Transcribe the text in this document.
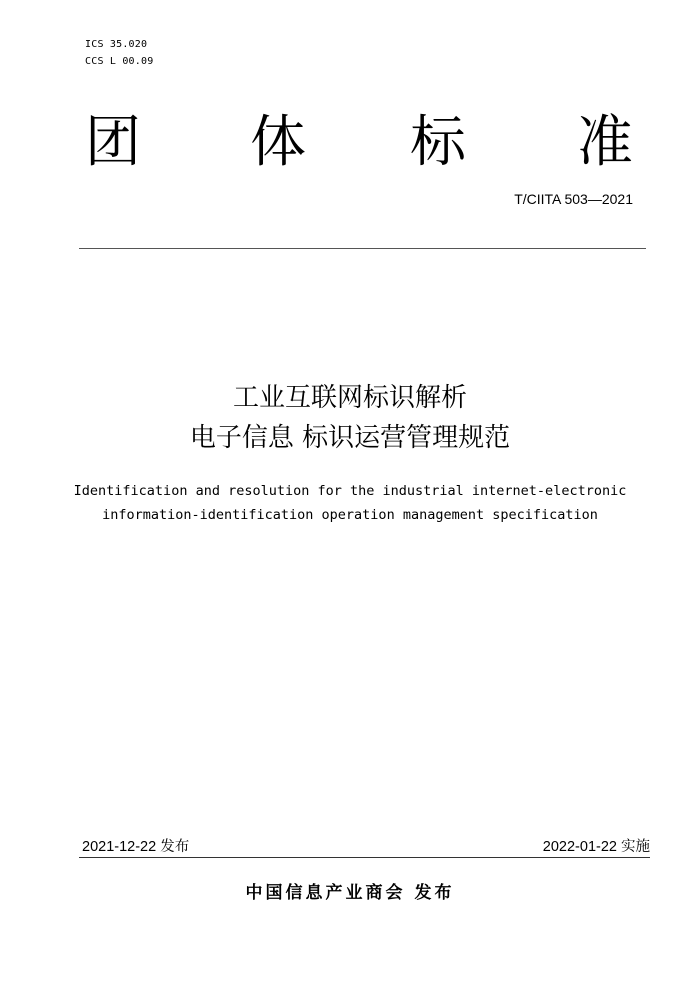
ICS 35.020
CCS L 00.09
团 体 标 准
T/CIITA 503—2021
工业互联网标识解析
电子信息 标识运营管理规范
Identification and resolution for the industrial internet-electronic
information-identification operation management specification
2021-12-22 发布	2022-01-22 实施
中国信息产业商会 发布
